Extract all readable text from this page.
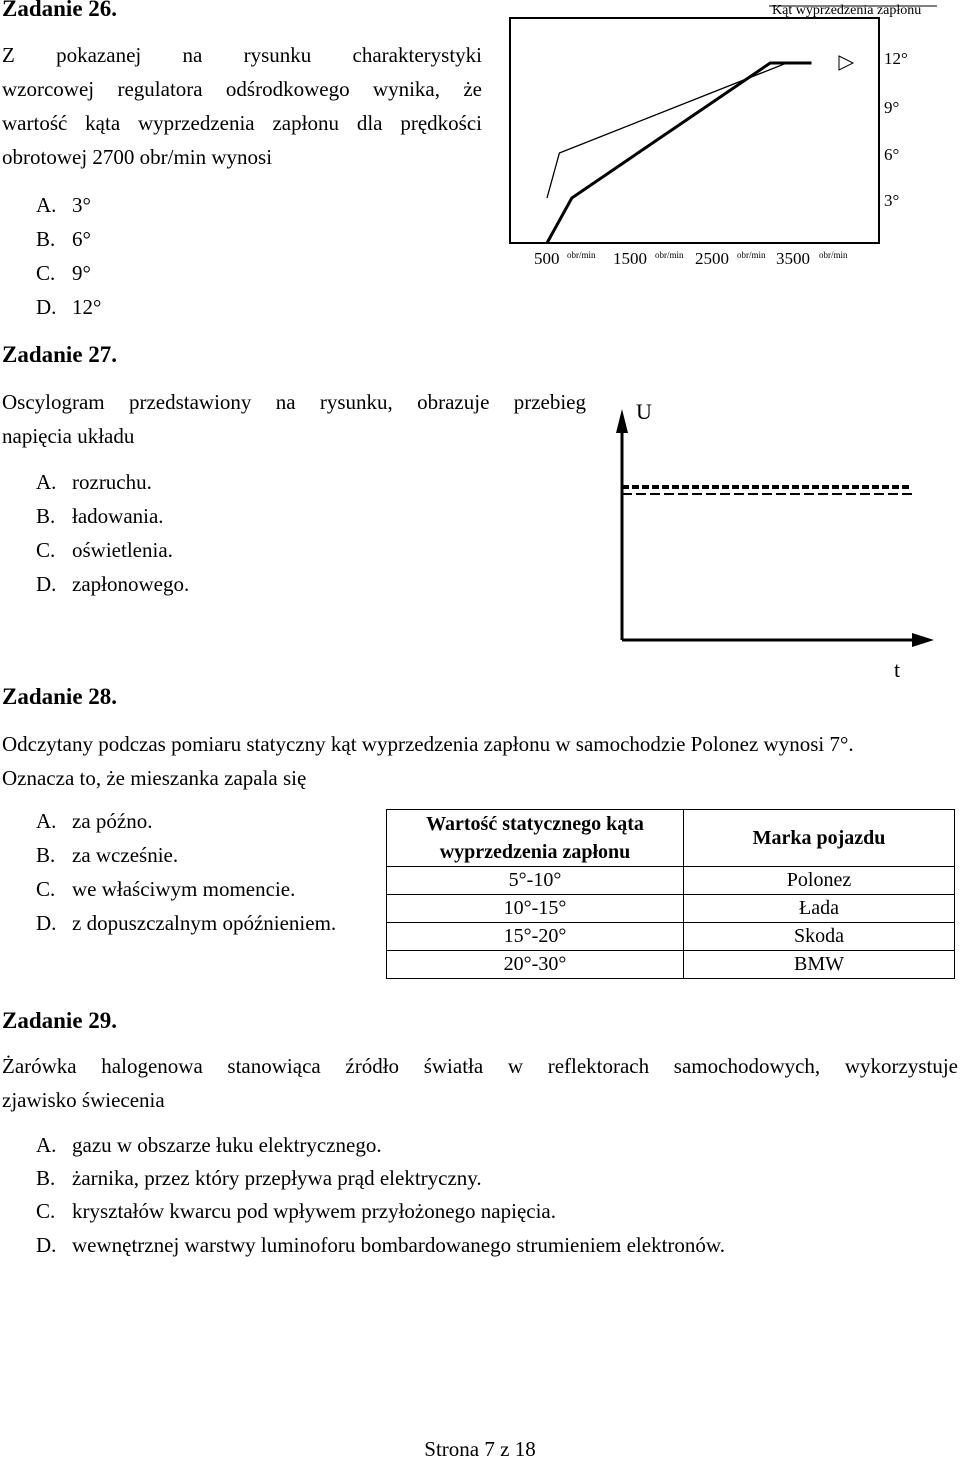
Zadanie 26.
Z pokazanej na rysunku charakterystyki
wzorcowej regulatora odśrodkowego wynika, że
wartość kąta wyprzedzenia zapłonu dla prędkości
obrotowej 2700 obr/min wynosi
A. 3°
B. 6°
C. 9°
D. 12°
Kąt wyprzedzenia zapłonu
12°
9°
6°
3°
500 obr/min 1500 obr/min 2500 obr/min 3500 obr/min
Zadanie 27.
Oscylogram przedstawiony na rysunku, obrazuje przebieg
napięcia układu
A. rozruchu.
B. ładowania.
C. oświetlenia.
D. zapłonowego.
U
t
Zadanie 28.
Odczytany podczas pomiaru statyczny kąt wyprzedzenia zapłonu w samochodzie Polonez wynosi 7°.
Oznacza to, że mieszanka zapala się
A. za późno.
B. za wcześnie.
C. we właściwym momencie.
D. z dopuszczalnym opóźnieniem.
Wartość statycznego kąta
wyprzedzenia zapłonu	Marka pojazdu
5°-10°	Polonez
10°-15°	Łada
15°-20°	Skoda
20°-30°	BMW
Zadanie 29.
Żarówka halogenowa stanowiąca źródło światła w reflektorach samochodowych, wykorzystuje
zjawisko świecenia
A. gazu w obszarze łuku elektrycznego.
B. żarnika, przez który przepływa prąd elektryczny.
C. kryształów kwarcu pod wpływem przyłożonego napięcia.
D. wewnętrznej warstwy luminoforu bombardowanego strumieniem elektronów.
Strona 7 z 18
